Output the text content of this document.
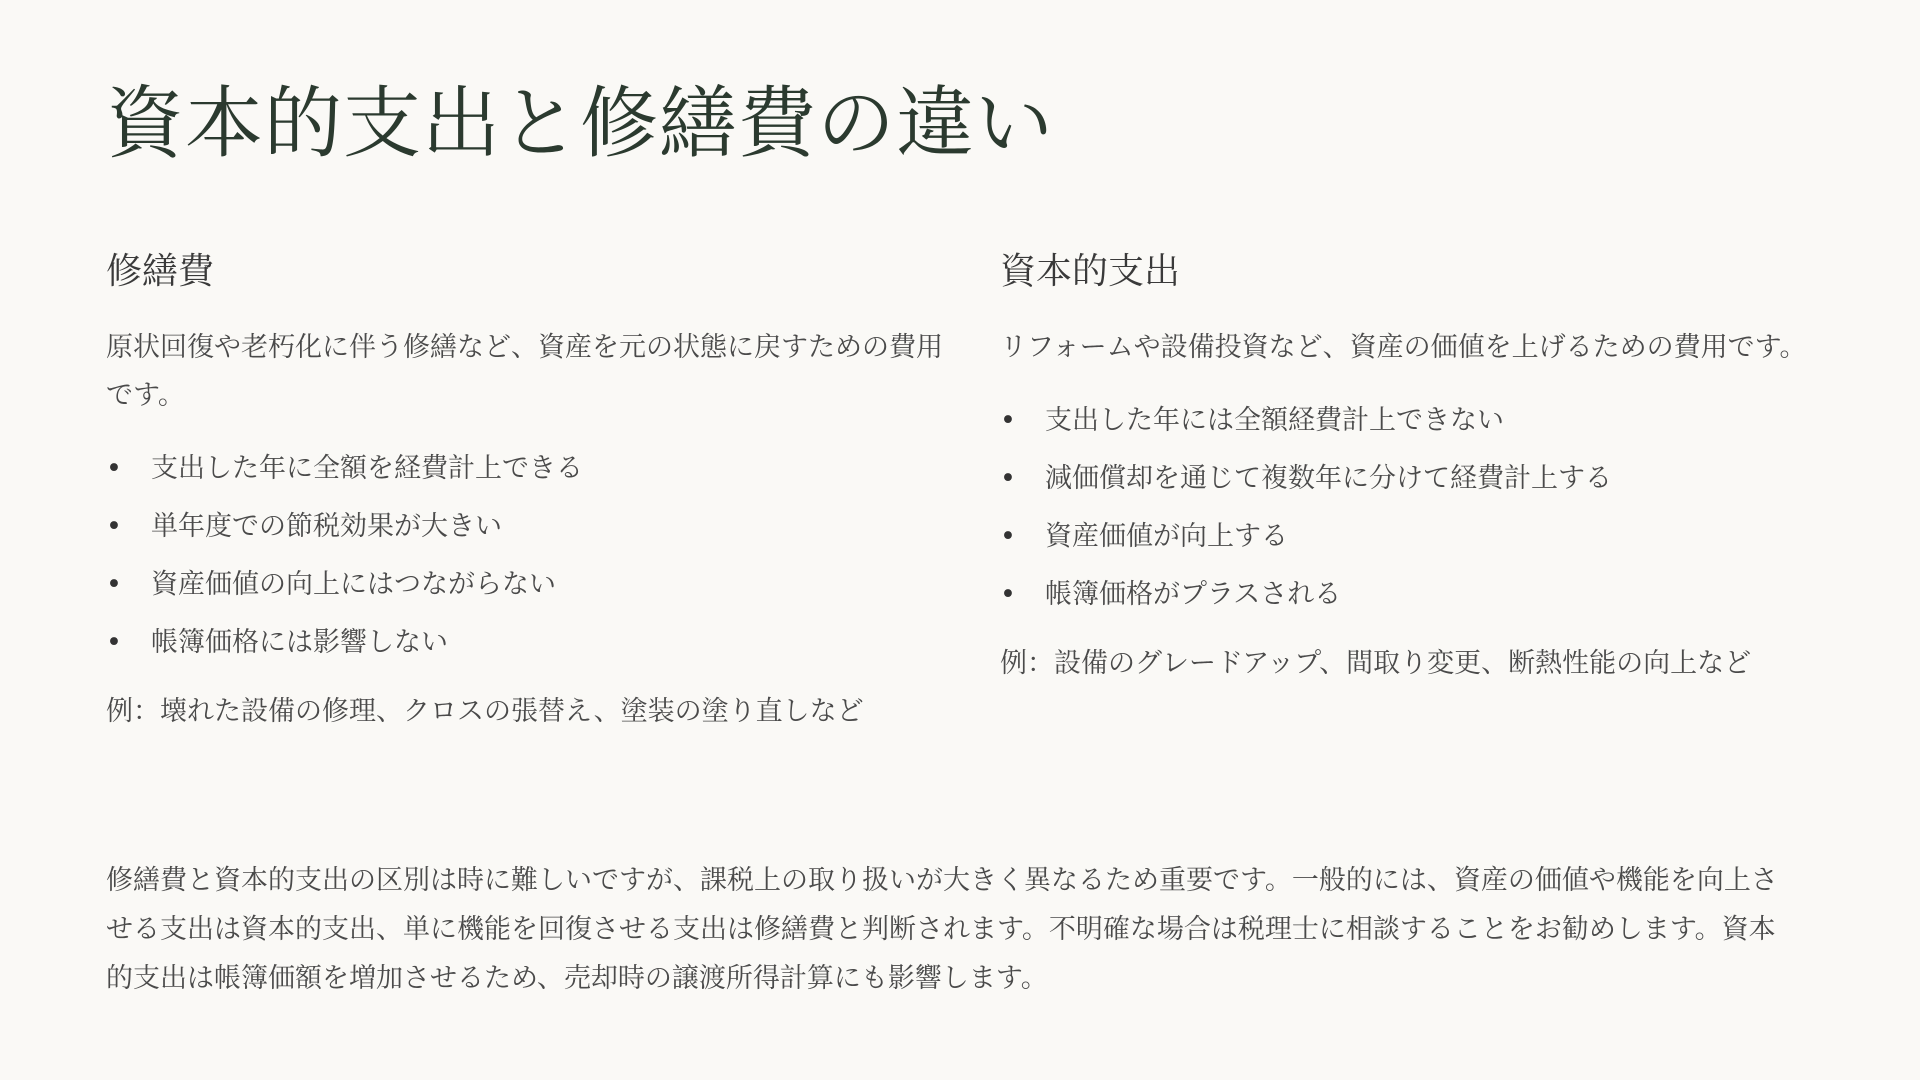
資本的支出と修繕費の違い
修繕費

原状回復や老朽化に伴う修繕など、資産を元の状態に戻すための費用です。

• 支出した年に全額を経費計上できる
• 単年度での節税効果が大きい
• 資産価値の向上にはつながらない
• 帳簿価格には影響しない

例：壊れた設備の修理、クロスの張替え、塗装の塗り直しなど

資本的支出

リフォームや設備投資など、資産の価値を上げるための費用です。

• 支出した年には全額経費計上できない
• 減価償却を通じて複数年に分けて経費計上する
• 資産価値が向上する
• 帳簿価格がプラスされる

例：設備のグレードアップ、間取り変更、断熱性能の向上など

修繕費と資本的支出の区別は時に難しいですが、課税上の取り扱いが大きく異なるため重要です。一般的には、資産の価値や機能を向上させる支出は資本的支出、単に機能を回復させる支出は修繕費と判断されます。不明確な場合は税理士に相談することをお勧めします。資本的支出は帳簿価額を増加させるため、売却時の譲渡所得計算にも影響します。
